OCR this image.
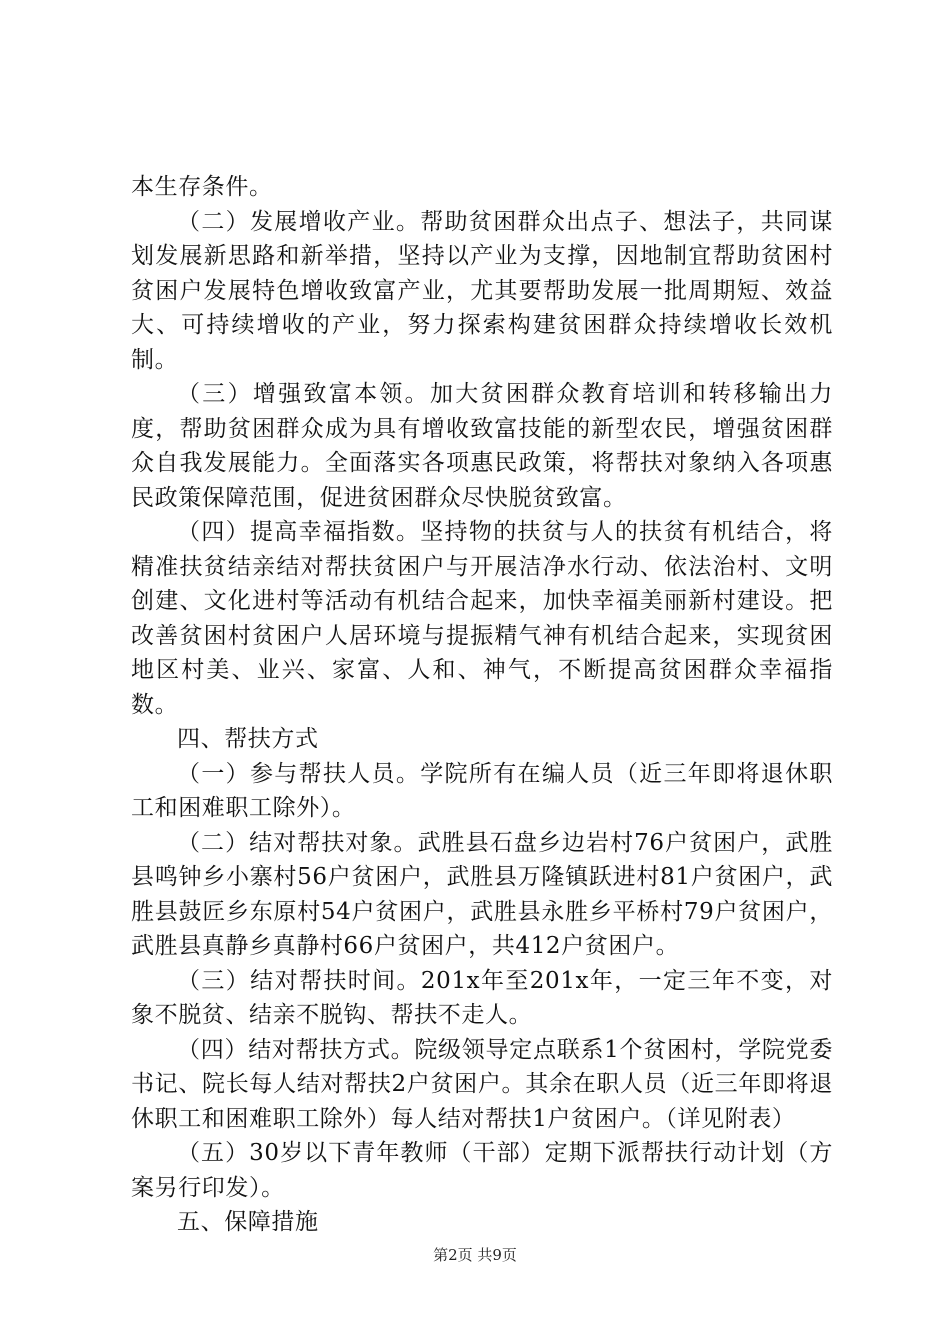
本生存条件。

（二）发展增收产业。帮助贫困群众出点子、想法子，共同谋划发展新思路和新举措，坚持以产业为支撑，因地制宜帮助贫困村贫困户发展特色增收致富产业，尤其要帮助发展一批周期短、效益大、可持续增收的产业，努力探索构建贫困群众持续增收长效机制。

（三）增强致富本领。加大贫困群众教育培训和转移输出力度，帮助贫困群众成为具有增收致富技能的新型农民，增强贫困群众自我发展能力。全面落实各项惠民政策，将帮扶对象纳入各项惠民政策保障范围，促进贫困群众尽快脱贫致富。

（四）提高幸福指数。坚持物的扶贫与人的扶贫有机结合，将精准扶贫结亲结对帮扶贫困户与开展洁净水行动、依法治村、文明创建、文化进村等活动有机结合起来，加快幸福美丽新村建设。把改善贫困村贫困户人居环境与提振精气神有机结合起来，实现贫困地区村美、业兴、家富、人和、神气，不断提高贫困群众幸福指数。

四、帮扶方式

（一）参与帮扶人员。学院所有在编人员（近三年即将退休职工和困难职工除外）。

（二）结对帮扶对象。武胜县石盘乡边岩村76户贫困户，武胜县鸣钟乡小寨村56户贫困户，武胜县万隆镇跃进村81户贫困户，武胜县鼓匠乡东原村54户贫困户，武胜县永胜乡平桥村79户贫困户，武胜县真静乡真静村66户贫困户，共412户贫困户。

（三）结对帮扶时间。201x年至201x年，一定三年不变，对象不脱贫、结亲不脱钩、帮扶不走人。

（四）结对帮扶方式。院级领导定点联系1个贫困村，学院党委书记、院长每人结对帮扶2户贫困户。其余在职人员（近三年即将退休职工和困难职工除外）每人结对帮扶1户贫困户。（详见附表）

（五）30岁以下青年教师（干部）定期下派帮扶行动计划（方案另行印发）。

五、保障措施

第2页 共9页
